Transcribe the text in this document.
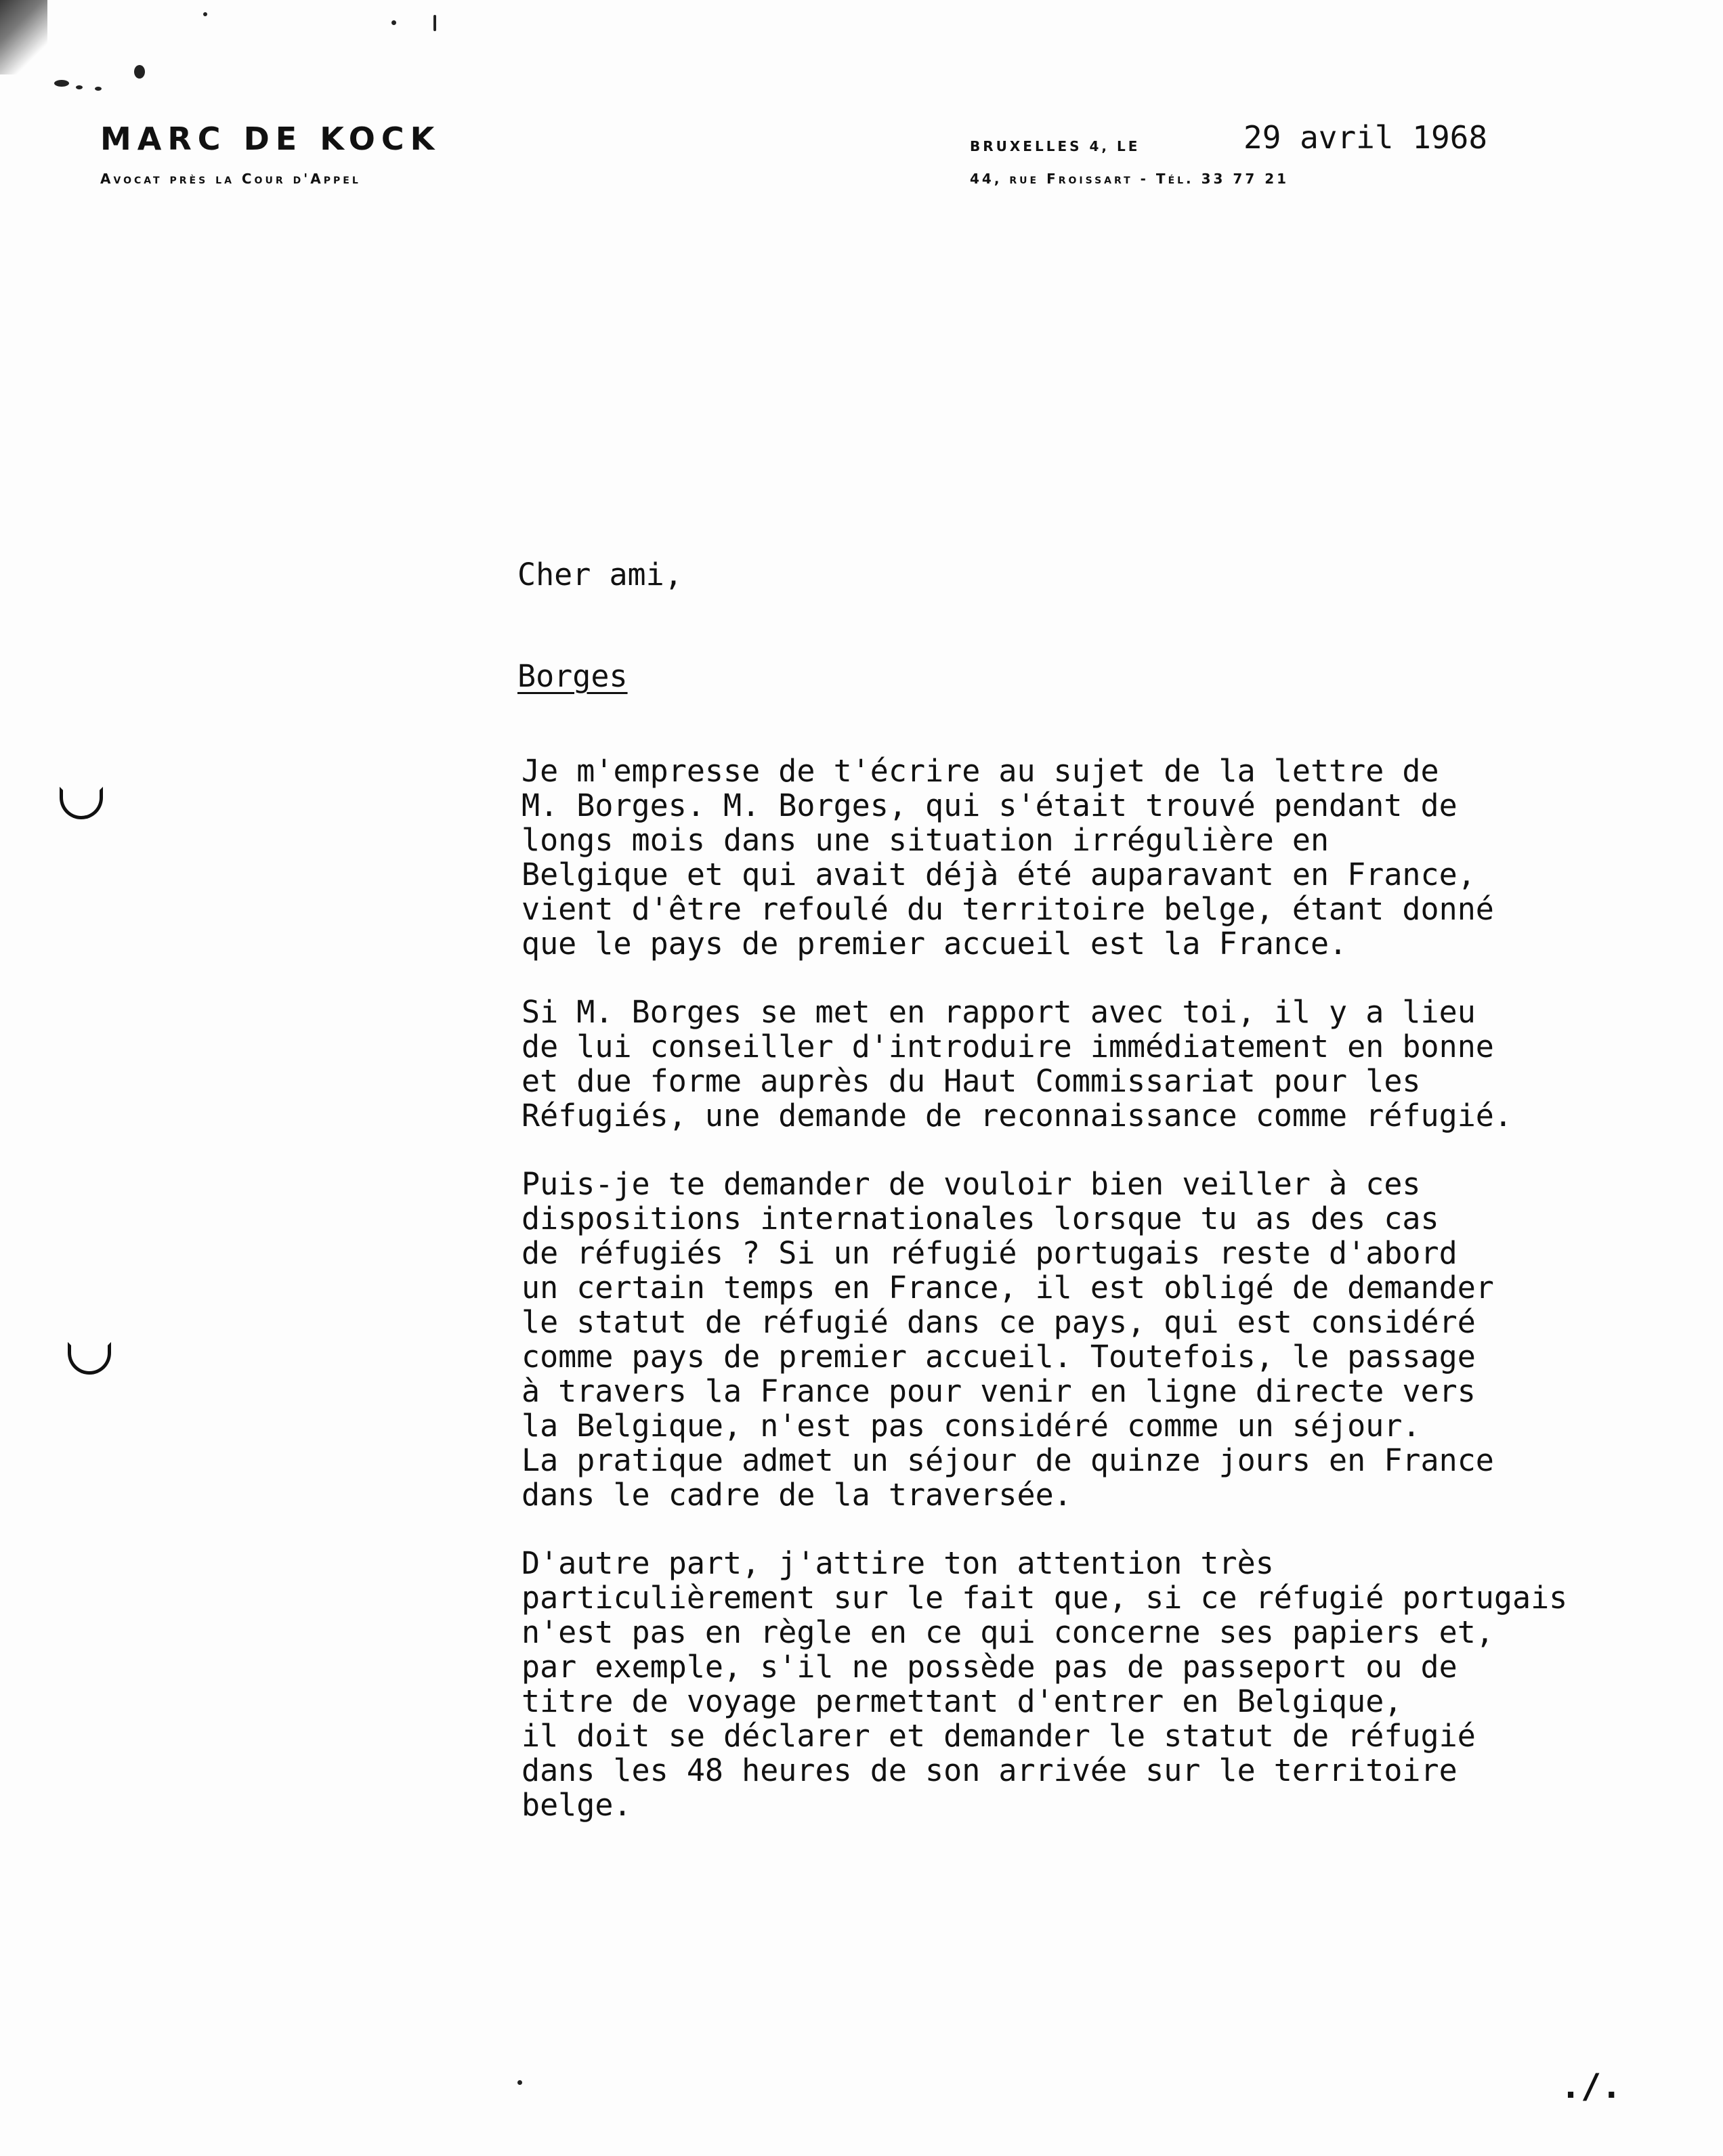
MARC DE KOCK
Avocat près la Cour d'Appel
BRUXELLES 4, LE	29 avril 1968
44, rue Froissart - Tél. 33 77 21
Cher ami,
Borges
Je m'empresse de t'écrire au sujet de la lettre de
M. Borges. M. Borges, qui s'était trouvé pendant de
longs mois dans une situation irrégulière en
Belgique et qui avait déjà été auparavant en France,
vient d'être refoulé du territoire belge, étant donné
que le pays de premier accueil est la France.
Si M. Borges se met en rapport avec toi, il y a lieu
de lui conseiller d'introduire immédiatement en bonne
et due forme auprès du Haut Commissariat pour les
Réfugiés, une demande de reconnaissance comme réfugié.
Puis-je te demander de vouloir bien veiller à ces
dispositions internationales lorsque tu as des cas
de réfugiés ? Si un réfugié portugais reste d'abord
un certain temps en France, il est obligé de demander
le statut de réfugié dans ce pays, qui est considéré
comme pays de premier accueil. Toutefois, le passage
à travers la France pour venir en ligne directe vers
la Belgique, n'est pas considéré comme un séjour.
La pratique admet un séjour de quinze jours en France
dans le cadre de la traversée.
D'autre part, j'attire ton attention très
particulièrement sur le fait que, si ce réfugié portugais
n'est pas en règle en ce qui concerne ses papiers et,
par exemple, s'il ne possède pas de passeport ou de
titre de voyage permettant d'entrer en Belgique,
il doit se déclarer et demander le statut de réfugié
dans les 48 heures de son arrivée sur le territoire
belge.
./.
